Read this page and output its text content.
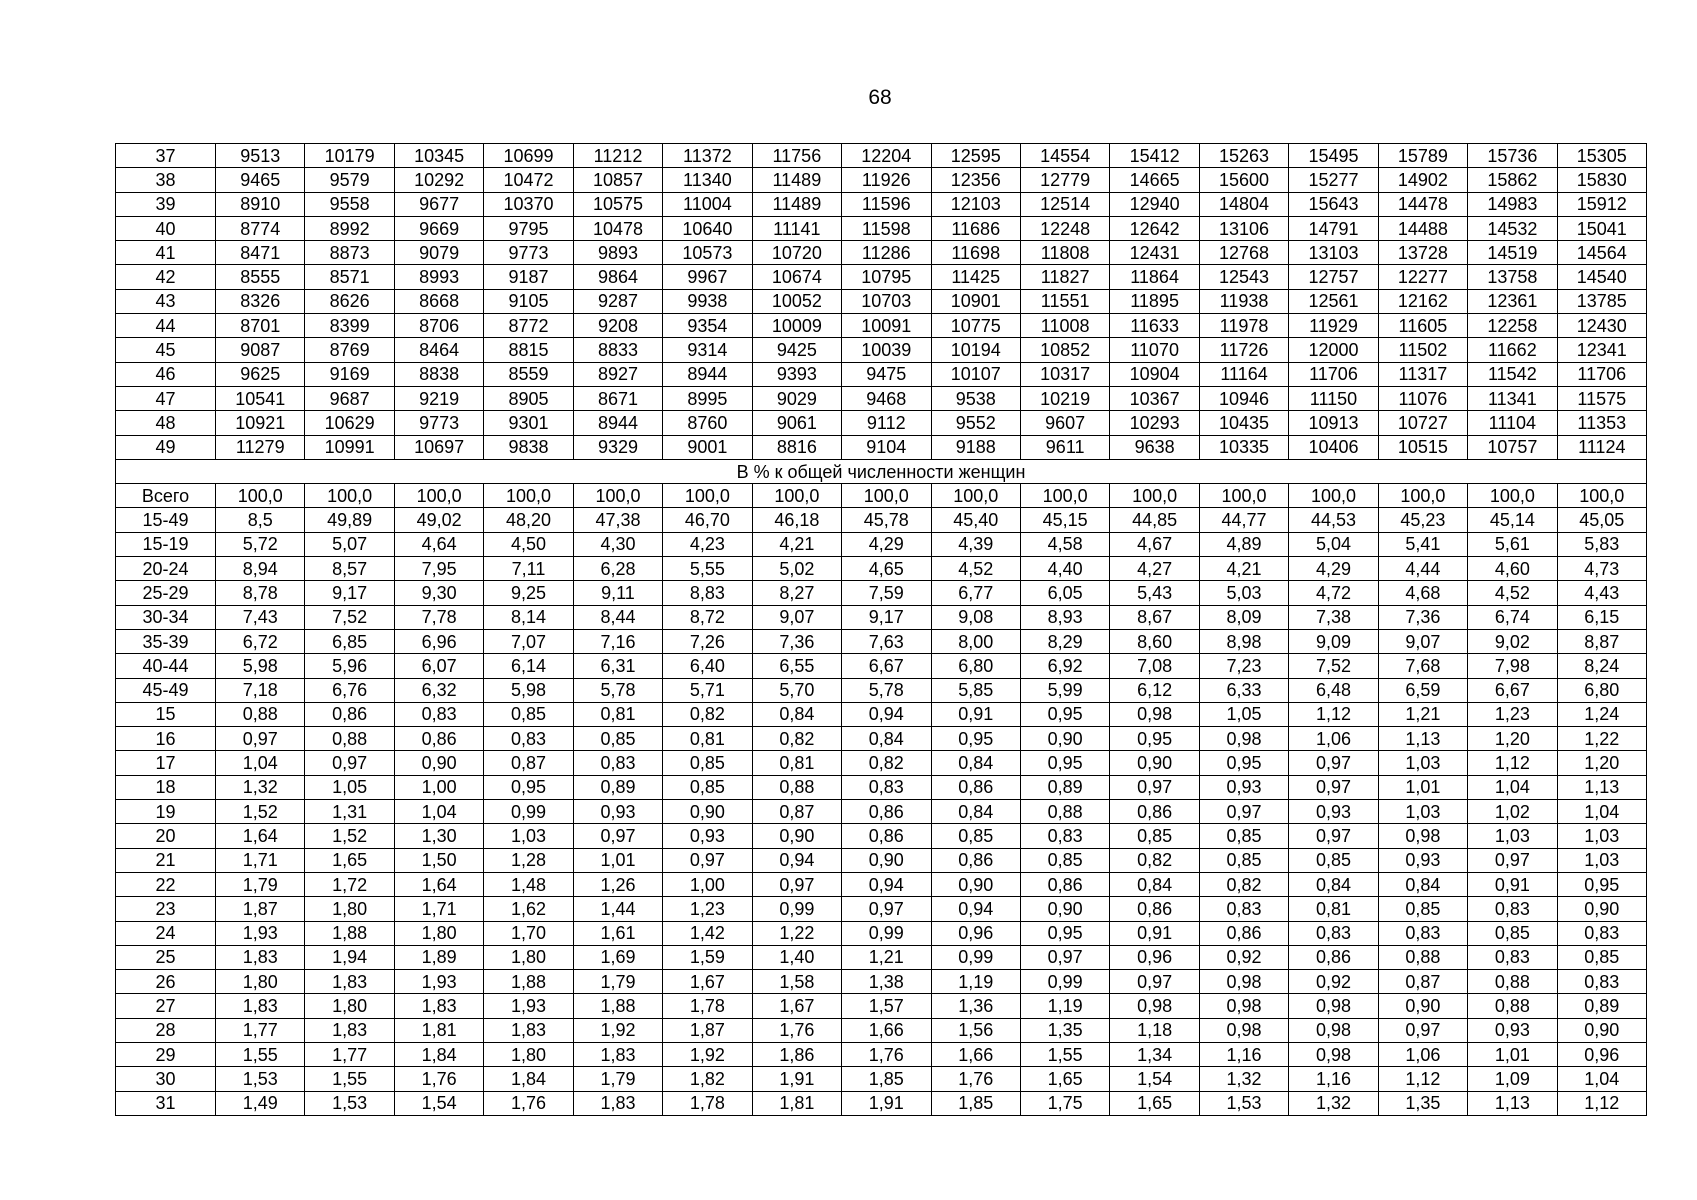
68
37	9513	10179	10345	10699	11212	11372	11756	12204	12595	14554	15412	15263	15495	15789	15736	15305
38	9465	9579	10292	10472	10857	11340	11489	11926	12356	12779	14665	15600	15277	14902	15862	15830
39	8910	9558	9677	10370	10575	11004	11489	11596	12103	12514	12940	14804	15643	14478	14983	15912
40	8774	8992	9669	9795	10478	10640	11141	11598	11686	12248	12642	13106	14791	14488	14532	15041
41	8471	8873	9079	9773	9893	10573	10720	11286	11698	11808	12431	12768	13103	13728	14519	14564
42	8555	8571	8993	9187	9864	9967	10674	10795	11425	11827	11864	12543	12757	12277	13758	14540
43	8326	8626	8668	9105	9287	9938	10052	10703	10901	11551	11895	11938	12561	12162	12361	13785
44	8701	8399	8706	8772	9208	9354	10009	10091	10775	11008	11633	11978	11929	11605	12258	12430
45	9087	8769	8464	8815	8833	9314	9425	10039	10194	10852	11070	11726	12000	11502	11662	12341
46	9625	9169	8838	8559	8927	8944	9393	9475	10107	10317	10904	11164	11706	11317	11542	11706
47	10541	9687	9219	8905	8671	8995	9029	9468	9538	10219	10367	10946	11150	11076	11341	11575
48	10921	10629	9773	9301	8944	8760	9061	9112	9552	9607	10293	10435	10913	10727	11104	11353
49	11279	10991	10697	9838	9329	9001	8816	9104	9188	9611	9638	10335	10406	10515	10757	11124
В % к общей численности женщин																
Всего	100,0	100,0	100,0	100,0	100,0	100,0	100,0	100,0	100,0	100,0	100,0	100,0	100,0	100,0	100,0	100,0
15-49	8,5	49,89	49,02	48,20	47,38	46,70	46,18	45,78	45,40	45,15	44,85	44,77	44,53	45,23	45,14	45,05
15-19	5,72	5,07	4,64	4,50	4,30	4,23	4,21	4,29	4,39	4,58	4,67	4,89	5,04	5,41	5,61	5,83
20-24	8,94	8,57	7,95	7,11	6,28	5,55	5,02	4,65	4,52	4,40	4,27	4,21	4,29	4,44	4,60	4,73
25-29	8,78	9,17	9,30	9,25	9,11	8,83	8,27	7,59	6,77	6,05	5,43	5,03	4,72	4,68	4,52	4,43
30-34	7,43	7,52	7,78	8,14	8,44	8,72	9,07	9,17	9,08	8,93	8,67	8,09	7,38	7,36	6,74	6,15
35-39	6,72	6,85	6,96	7,07	7,16	7,26	7,36	7,63	8,00	8,29	8,60	8,98	9,09	9,07	9,02	8,87
40-44	5,98	5,96	6,07	6,14	6,31	6,40	6,55	6,67	6,80	6,92	7,08	7,23	7,52	7,68	7,98	8,24
45-49	7,18	6,76	6,32	5,98	5,78	5,71	5,70	5,78	5,85	5,99	6,12	6,33	6,48	6,59	6,67	6,80
15	0,88	0,86	0,83	0,85	0,81	0,82	0,84	0,94	0,91	0,95	0,98	1,05	1,12	1,21	1,23	1,24
16	0,97	0,88	0,86	0,83	0,85	0,81	0,82	0,84	0,95	0,90	0,95	0,98	1,06	1,13	1,20	1,22
17	1,04	0,97	0,90	0,87	0,83	0,85	0,81	0,82	0,84	0,95	0,90	0,95	0,97	1,03	1,12	1,20
18	1,32	1,05	1,00	0,95	0,89	0,85	0,88	0,83	0,86	0,89	0,97	0,93	0,97	1,01	1,04	1,13
19	1,52	1,31	1,04	0,99	0,93	0,90	0,87	0,86	0,84	0,88	0,86	0,97	0,93	1,03	1,02	1,04
20	1,64	1,52	1,30	1,03	0,97	0,93	0,90	0,86	0,85	0,83	0,85	0,85	0,97	0,98	1,03	1,03
21	1,71	1,65	1,50	1,28	1,01	0,97	0,94	0,90	0,86	0,85	0,82	0,85	0,85	0,93	0,97	1,03
22	1,79	1,72	1,64	1,48	1,26	1,00	0,97	0,94	0,90	0,86	0,84	0,82	0,84	0,84	0,91	0,95
23	1,87	1,80	1,71	1,62	1,44	1,23	0,99	0,97	0,94	0,90	0,86	0,83	0,81	0,85	0,83	0,90
24	1,93	1,88	1,80	1,70	1,61	1,42	1,22	0,99	0,96	0,95	0,91	0,86	0,83	0,83	0,85	0,83
25	1,83	1,94	1,89	1,80	1,69	1,59	1,40	1,21	0,99	0,97	0,96	0,92	0,86	0,88	0,83	0,85
26	1,80	1,83	1,93	1,88	1,79	1,67	1,58	1,38	1,19	0,99	0,97	0,98	0,92	0,87	0,88	0,83
27	1,83	1,80	1,83	1,93	1,88	1,78	1,67	1,57	1,36	1,19	0,98	0,98	0,98	0,90	0,88	0,89
28	1,77	1,83	1,81	1,83	1,92	1,87	1,76	1,66	1,56	1,35	1,18	0,98	0,98	0,97	0,93	0,90
29	1,55	1,77	1,84	1,80	1,83	1,92	1,86	1,76	1,66	1,55	1,34	1,16	0,98	1,06	1,01	0,96
30	1,53	1,55	1,76	1,84	1,79	1,82	1,91	1,85	1,76	1,65	1,54	1,32	1,16	1,12	1,09	1,04
31	1,49	1,53	1,54	1,76	1,83	1,78	1,81	1,91	1,85	1,75	1,65	1,53	1,32	1,35	1,13	1,12
